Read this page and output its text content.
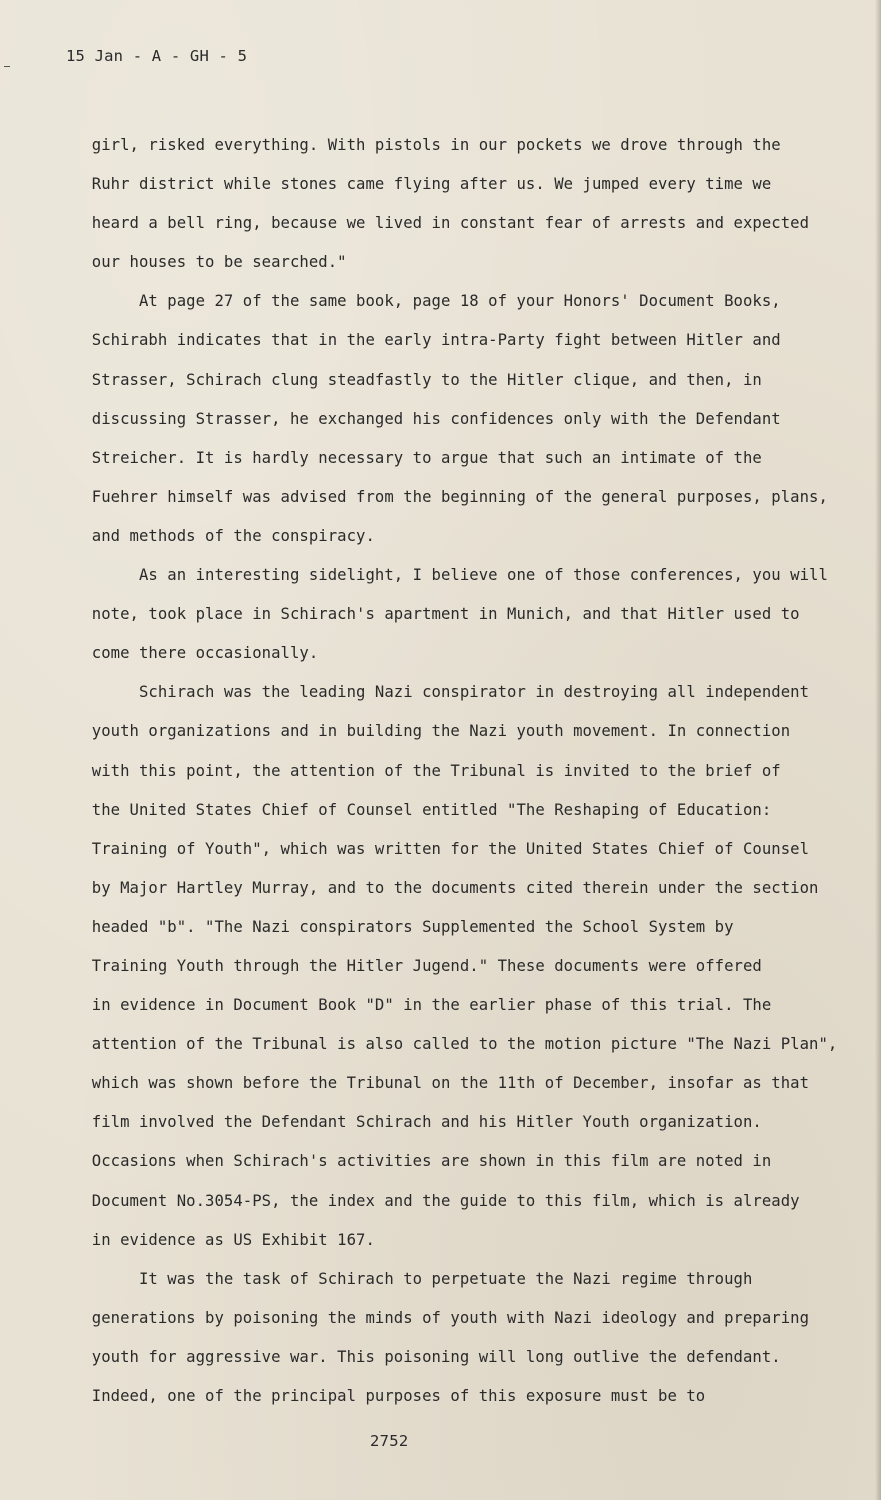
15 Jan - A - GH - 5
girl, risked everything. With pistols in our pockets we drove through the
Ruhr district while stones came flying after us. We jumped every time we
heard a bell ring, because we lived in constant fear of arrests and expected
our houses to be searched."
At page 27 of the same book, page 18 of your Honors' Document Books,
Schirabh indicates that in the early intra-Party fight between Hitler and
Strasser, Schirach clung steadfastly to the Hitler clique, and then, in
discussing Strasser, he exchanged his confidences only with the Defendant
Streicher. It is hardly necessary to argue that such an intimate of the
Fuehrer himself was advised from the beginning of the general purposes, plans,
and methods of the conspiracy.
As an interesting sidelight, I believe one of those conferences, you will
note, took place in Schirach's apartment in Munich, and that Hitler used to
come there occasionally.
Schirach was the leading Nazi conspirator in destroying all independent
youth organizations and in building the Nazi youth movement. In connection
with this point, the attention of the Tribunal is invited to the brief of
the United States Chief of Counsel entitled "The Reshaping of Education:
Training of Youth", which was written for the United States Chief of Counsel
by Major Hartley Murray, and to the documents cited therein under the section
headed "b". "The Nazi conspirators Supplemented the School System by
Training Youth through the Hitler Jugend." These documents were offered
in evidence in Document Book "D" in the earlier phase of this trial. The
attention of the Tribunal is also called to the motion picture "The Nazi Plan",
which was shown before the Tribunal on the 11th of December, insofar as that
film involved the Defendant Schirach and his Hitler Youth organization.
Occasions when Schirach's activities are shown in this film are noted in
Document No.3054-PS, the index and the guide to this film, which is already
in evidence as US Exhibit 167.
It was the task of Schirach to perpetuate the Nazi regime through
generations by poisoning the minds of youth with Nazi ideology and preparing
youth for aggressive war. This poisoning will long outlive the defendant.
Indeed, one of the principal purposes of this exposure must be to
2752
